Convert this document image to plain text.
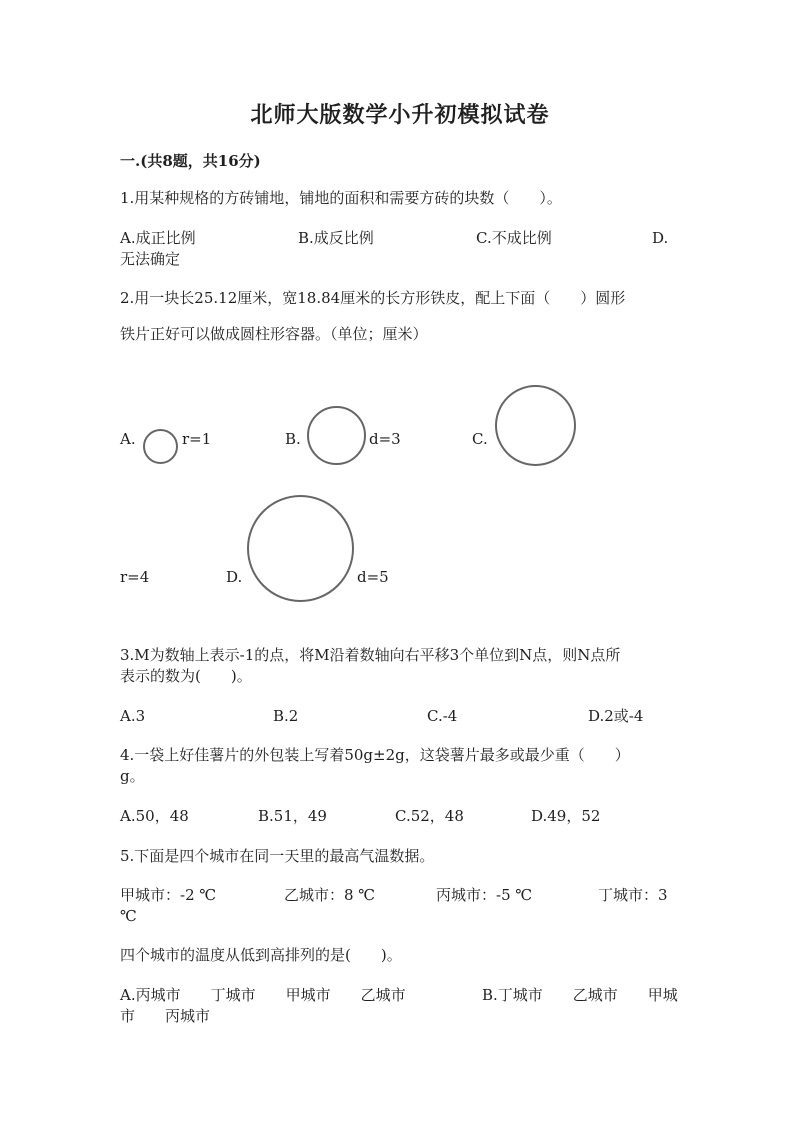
北师大版数学小升初模拟试卷
一.(共8题，共16分)
1.用某种规格的方砖铺地，铺地的面积和需要方砖的块数（　　）。
A.成正比例	B.成反比例	C.不成比例	D.
无法确定
2.用一块长25.12厘米，宽18.84厘米的长方形铁皮，配上下面（　　）圆形
铁片正好可以做成圆柱形容器。（单位；厘米）
A.	r=1	B.	d=3	C.
r=4	D.	d=5
3.M为数轴上表示-1的点，将M沿着数轴向右平移3个单位到N点，则N点所
表示的数为(　　)。
A.3	B.2	C.-4	D.2或-4
4.一袋上好佳薯片的外包装上写着50g±2g，这袋薯片最多或最少重（　　）
g。
A.50，48	B.51，49	C.52，48	D.49，52
5.下面是四个城市在同一天里的最高气温数据。
甲城市：-2 ℃	乙城市：8 ℃	丙城市：-5 ℃	丁城市：3
℃
四个城市的温度从低到高排列的是(　　)。
A.丙城市　　丁城市　　甲城市　　乙城市	B.丁城市　　乙城市　　甲城
市　　丙城市
